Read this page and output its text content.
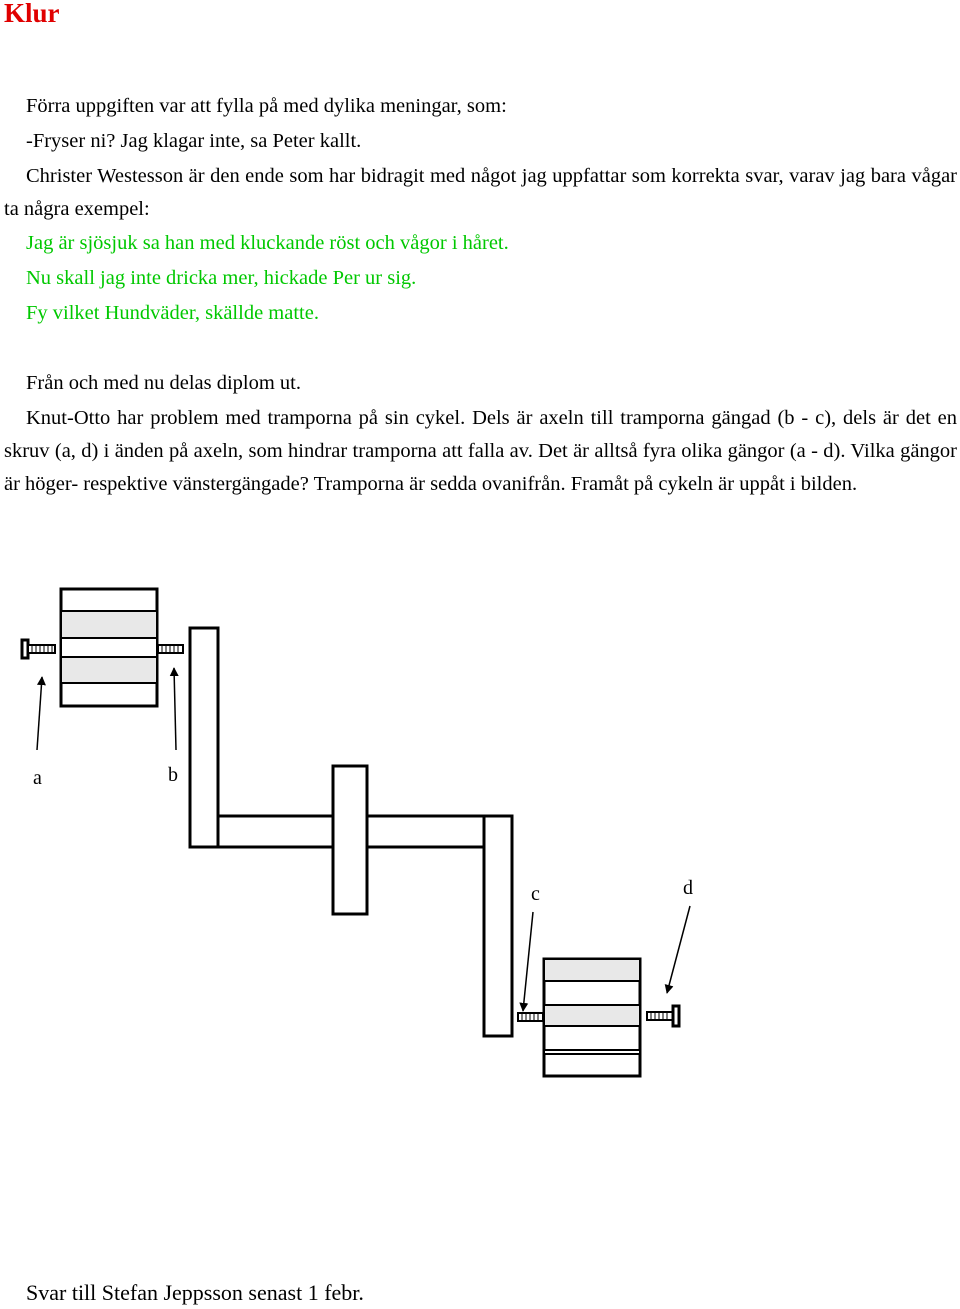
Klur
Förra uppgiften var att fylla på med dylika meningar, som:
-Fryser ni? Jag klagar inte, sa Peter kallt.
Christer Westesson är den ende som har bidragit med något jag uppfattar som korrekta svar, varav jag bara vågar ta några exempel:
Jag är sjösjuk sa han med kluckande röst och vågor i håret.
Nu skall jag inte dricka mer, hickade Per ur sig.
Fy vilket Hundväder, skällde matte.
Från och med nu delas diplom ut.
Knut-Otto har problem med tramporna på sin cykel. Dels är axeln till tramporna gängad (b - c), dels är det en skruv (a, d) i änden på axeln, som hindrar tramporna att falla av. Det är alltså fyra olika gängor (a - d). Vilka gängor är höger- respektive vänstergängade? Tramporna är sedda ovanifrån. Framåt på cykeln är uppåt i bilden.
a	b
c	d
Svar till Stefan Jeppsson senast 1 febr.
